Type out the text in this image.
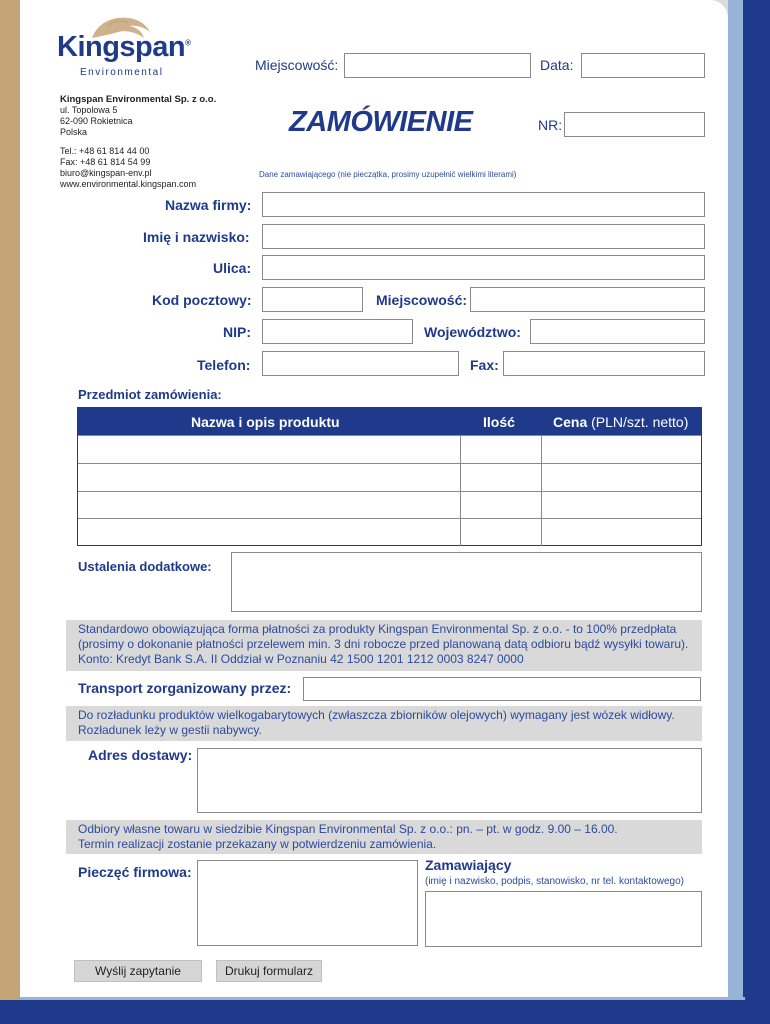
Kingspan®
Environmental
Kingspan Environmental Sp. z o.o.
ul. Topolowa 5
62-090 Rokietnica
Polska
Tel.: +48 61 814 44 00
Fax: +48 61 814 54 99
biuro@kingspan-env.pl
www.environmental.kingspan.com
Miejscowość:	Data:
ZAMÓWIENIE	NR:
Dane zamawiającego (nie pieczątka, prosimy uzupełnić wielkimi literami)
Nazwa firmy:
Imię i nazwisko:
Ulica:
Kod pocztowy:	Miejscowość:
NIP:	Województwo:
Telefon:	Fax:
Przedmiot zamówienia:
Nazwa i opis produktu	Ilość	Cena (PLN/szt. netto)
Ustalenia dodatkowe:
Standardowo obowiązująca forma płatności za produkty Kingspan Environmental Sp. z o.o. - to 100% przedpłata
(prosimy o dokonanie płatności przelewem min. 3 dni robocze przed planowaną datą odbioru bądź wysyłki towaru).
Konto: Kredyt Bank S.A. II Oddział w Poznaniu 42 1500 1201 1212 0003 8247 0000
Transport zorganizowany przez:
Do rozładunku produktów wielkogabarytowych (zwłaszcza zbiorników olejowych) wymagany jest wózek widłowy.
Rozładunek leży w gestii nabywcy.
Adres dostawy:
Odbiory własne towaru w siedzibie Kingspan Environmental Sp. z o.o.: pn. – pt. w godz. 9.00 – 16.00.
Termin realizacji zostanie przekazany w potwierdzeniu zamówienia.
Pieczęć firmowa:	Zamawiający
(imię i nazwisko, podpis, stanowisko, nr tel. kontaktowego)
Wyślij zapytanie	Drukuj formularz
